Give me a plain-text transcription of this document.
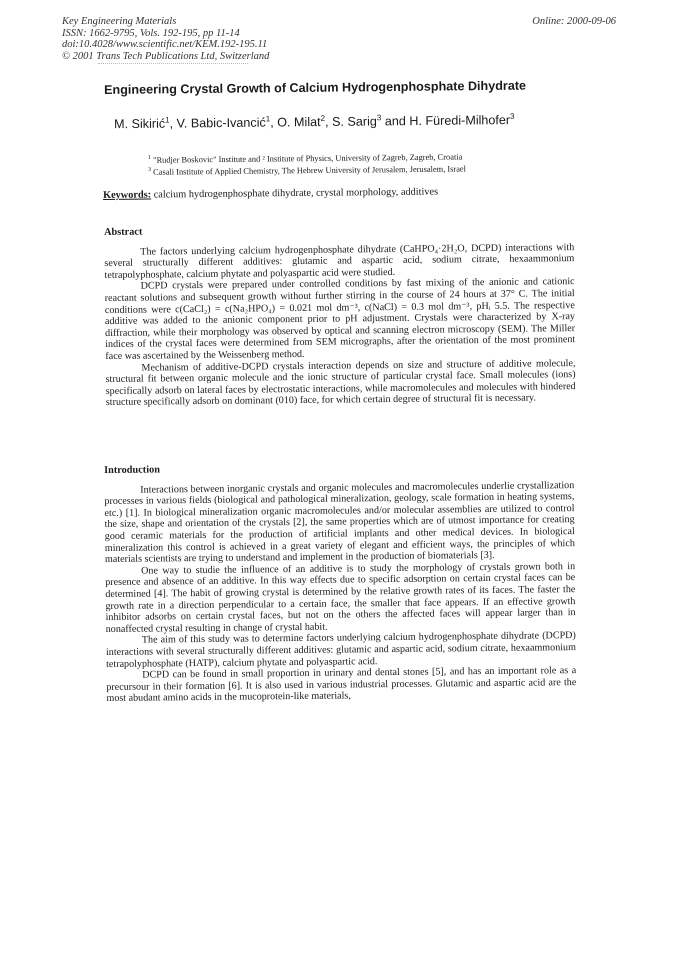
Key Engineering Materials
ISSN: 1662-9795, Vols. 192-195, pp 11-14
doi:10.4028/www.scientific.net/KEM.192-195.11
© 2001 Trans Tech Publications Ltd, Switzerland
Online: 2000-09-06
Engineering Crystal Growth of Calcium Hydrogenphosphate Dihydrate
M. Sikirić$^1$, V. Babic-Ivancić$^1$, O. Milat$^2$, S. Sarig$^3$ and H. Füredi-Milhofer$^3$
$^1$ "Rudjer Boskovic" Institute and ² Institute of Physics, University of Zagreb, Zagreb, Croatia
$^3$ Casali Institute of Applied Chemistry, The Hebrew University of Jerusalem, Jerusalem, Israel
Keywords: calcium hydrogenphosphate dihydrate, crystal morphology, additives
Abstract

The factors underlying calcium hydrogenphosphate dihydrate (CaHPO₄·2H₂O, DCPD) interactions with several structurally different additives: glutamic and aspartic acid, sodium citrate, hexaammonium tetrapolyphosphate, calcium phytate and polyaspartic acid were studied.

DCPD crystals were prepared under controlled conditions by fast mixing of the anionic and cationic reactant solutions and subsequent growth without further stirring in the course of 24 hours at 37° C. The initial conditions were c(CaCl₂) = c(Na₂HPO₄) = 0.021 mol dm⁻³, c(NaCl) = 0.3 mol dm⁻³, pHᵢ 5.5. The respective additive was added to the anionic component prior to pH adjustment. Crystals were characterized by X-ray diffraction, while their morphology was observed by optical and scanning electron microscopy (SEM). The Miller indices of the crystal faces were determined from SEM micrographs, after the orientation of the most prominent face was ascertained by the Weissenberg method.

Mechanism of additive-DCPD crystals interaction depends on size and structure of additive molecule, structural fit between organic molecule and the ionic structure of particular crystal face. Small molecules (ions) specifically adsorb on lateral faces by electrostatic interactions, while macromolecules and molecules with hindered structure specifically adsorb on dominant (010) face, for which certain degree of structural fit is necessary.

Introduction

Interactions between inorganic crystals and organic molecules and macromolecules underlie crystallization processes in various fields (biological and pathological mineralization, geology, scale formation in heating systems, etc.) [1]. In biological mineralization organic macromolecules and/or molecular assemblies are utilized to control the size, shape and orientation of the crystals [2], the same properties which are of utmost importance for creating good ceramic materials for the production of artificial implants and other medical devices. In biological mineralization this control is achieved in a great variety of elegant and efficient ways, the principles of which materials scientists are trying to understand and implement in the production of biomaterials [3].

One way to studie the influence of an additive is to study the morphology of crystals grown both in presence and absence of an additive. In this way effects due to specific adsorption on certain crystal faces can be determined [4]. The habit of growing crystal is determined by the relative growth rates of its faces. The faster the growth rate in a direction perpendicular to a certain face, the smaller that face appears. If an effective growth inhibitor adsorbs on certain crystal faces, but not on the others the affected faces will appear larger than in nonaffected crystal resulting in change of crystal habit.

The aim of this study was to determine factors underlying calcium hydrogenphosphate dihydrate (DCPD) interactions with several structurally different additives: glutamic and aspartic acid, sodium citrate, hexaammonium tetrapolyphosphate (HATP), calcium phytate and polyaspartic acid.

DCPD can be found in small proportion in urinary and dental stones [5], and has an important role as a precursour in their formation [6]. It is also used in various industrial processes. Glutamic and aspartic acid are the most abudant amino acids in the mucoprotein-like materials,
